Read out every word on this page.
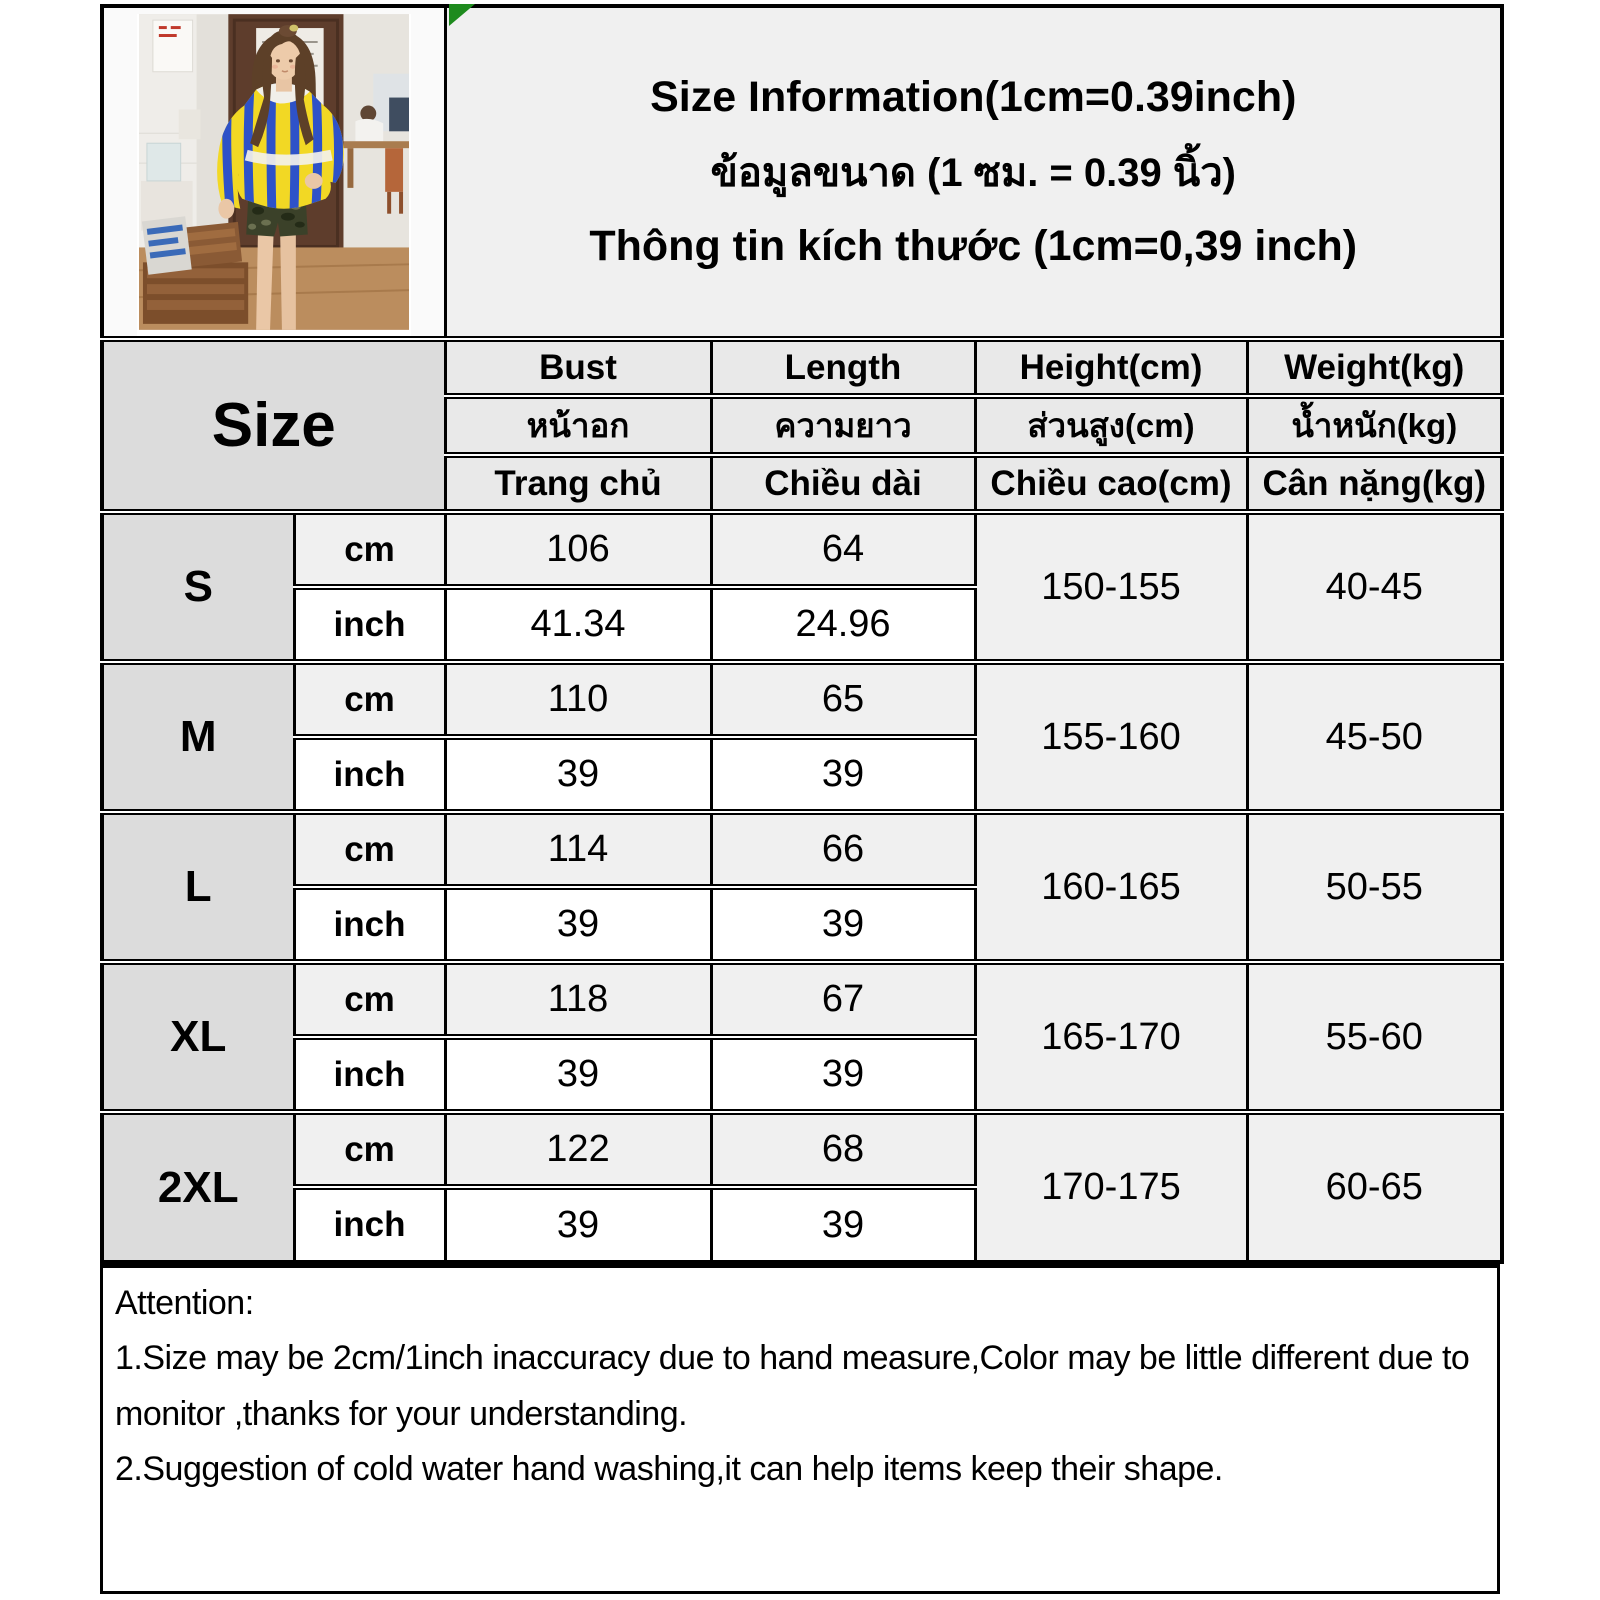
Size Information(1cm=0.39inch)
ข้อมูลขนาด (1 ซม. = 0.39 นิ้ว)
Thông tin kích thước (1cm=0,39 inch)			

Size		Bust	Length	Height(cm)	Weight(kg)
		หน้าอก	ความยาว	ส่วนสูง(cm)	น้ำหนัก(kg)
		Trang chủ	Chiều dài	Chiều cao(cm)	Cân nặng(kg)
S	cm	106	64	150-155	40-45
	inch	41.34	24.96		
M	cm	110	65	155-160	45-50
	inch	39	39		
L	cm	114	66	160-165	50-55
	inch	39	39		
XL	cm	118	67	165-170	55-60
	inch	39	39		
2XL	cm	122	68	170-175	60-65
	inch	39	39		

Attention:

1.Size may be 2cm/1inch inaccuracy due to hand measure,Color may be little different due to monitor ,thanks for your understanding.

2.Suggestion of cold water hand washing,it can help items keep their shape.
